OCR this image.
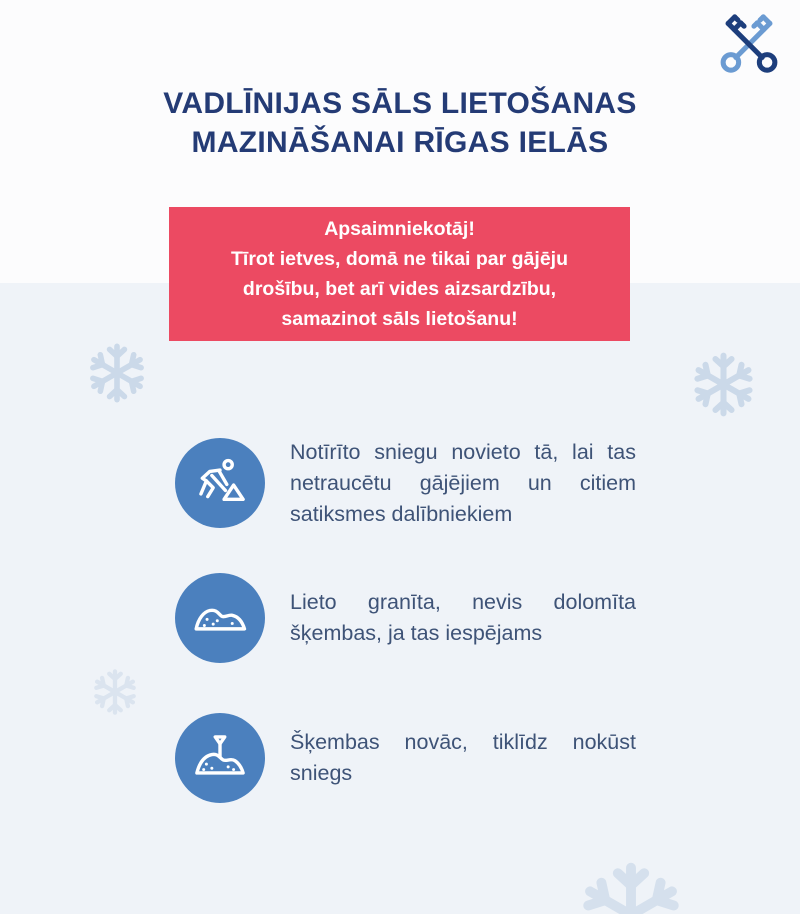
VADLĪNIJAS SĀLS LIETOŠANAS
MAZINĀŠANAI RĪGAS IELĀS
Apsaimniekotāj!
Tīrot ietves, domā ne tikai par gājēju drošību, bet arī vides aizsardzību, samazinot sāls lietošanu!
Notīrīto sniegu novieto tā, lai tas netraucētu gājējiem un citiem satiksmes dalībniekiem
Lieto granīta, nevis dolomīta šķembas, ja tas iespējams
Šķembas novāc, tiklīdz nokūst sniegs
